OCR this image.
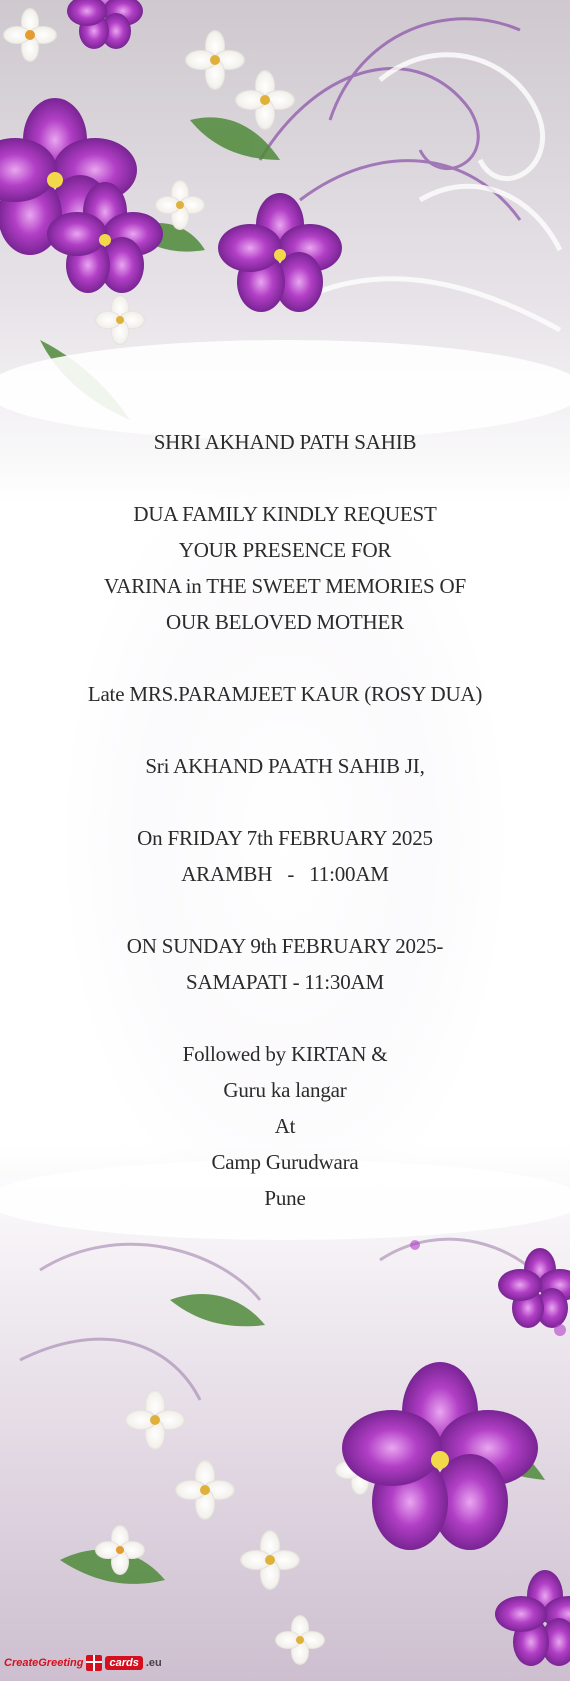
SHRI AKHAND PATH SAHIB
DUA FAMILY KINDLY REQUEST
YOUR PRESENCE FOR
VARINA in THE SWEET MEMORIES OF
OUR BELOVED MOTHER
Late MRS.PARAMJEET KAUR (ROSY DUA)
Sri AKHAND PAATH SAHIB JI,
On FRIDAY 7th FEBRUARY 2025
ARAMBH   -   11:00AM
ON SUNDAY 9th FEBRUARY 2025-
SAMAPATI - 11:30AM
Followed by KIRTAN &
Guru ka langar
At
Camp Gurudwara
Pune
CreateGreeting	cards .eu
